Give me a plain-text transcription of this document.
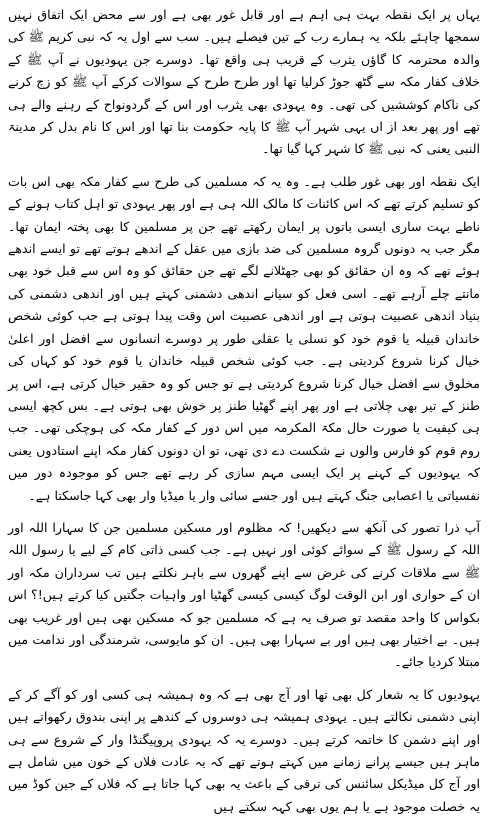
یہاں پر ایک نقطہ بہت ہی اہم ہے اور قابل غور بھی ہے اور سے محض ایک اتفاق نہیں سمجھا چاہئے بلکہ یہ ہمارے رب کے تین فیصلے ہیں۔ سب سے اول یہ کہ نبی کریم ﷺ کی والدہ محترمہ کا گاؤں یثرب کے قریب ہی واقع تھا۔ دوسرے جن یہودیوں نے آپ ﷺ کے خلاف کفار مکہ سے گٹھ جوڑ کرلیا تھا اور طرح طرح کے سوالات کرکے آپ ﷺ کو زچ کرنے کی ناکام کوششیں کی تھی۔ وہ یہودی بھی یثرب اور اس کے گردونواح کے رہنے والے ہی تھے اور پھر بعد از اں یہی شہر آپ ﷺ کا پایہ حکومت بنا تھا اور اس کا نام بدل کر مدینۃ النبی یعنی کہ نبی ﷺ کا شہر کہا گیا تھا۔

ایک نقطہ اور بھی غور طلب ہے۔ وہ یہ کہ مسلمین کی طرح سے کفار مکہ بھی اس بات کو تسلیم کرتے تھے کہ اس کائنات کا مالک اللہ ہی ہے اور پھر یہودی تو اہل کتاب ہونے کے ناطے بہت ساری ایسی باتوں پر ایمان رکھتے تھے جن پر مسلمین کا بھی پختہ ایمان تھا۔ مگر جب یہ دونوں گروہ مسلمین کی ضد بازی میں عقل کے اندھے ہوتے تھے تو ایسے اندھے ہوئے تھے کہ وہ ان حقائق کو بھی جھٹلانے لگے تھے جن حقائق کو وہ اس سے قبل خود بھی مانتے چلے آرہے تھے۔ اسی فعل کو سیانے اندھی دشمنی کہتے ہیں اور اندھی دشمنی کی بنیاد اندھی عصبیت ہوتی ہے اور اندھی عصبیت اس وقت پیدا ہوتی ہے جب کوئی شخص خاندان قبیلہ یا قوم خود کو نسلی یا عقلی طور پر دوسرے انسانوں سے افضل اور اعلیٰ خیال کرنا شروع کردیتی ہے۔ جب کوئی شخص قبیلہ خاندان یا قوم خود کو کہاں کی مخلوق سے افضل خیال کرنا شروع کردیتی ہے تو جس کو وہ حقیر خیال کرتی ہے، اس پر طنز کے تیر بھی چلاتی ہے اور پھر اپنے گھٹیا طنز پر خوش بھی ہوتی ہے۔ بس کچھ ایسی ہی کیفیت یا صورت حال مکۃ المکرمہ میں اس دور کے کفار مکہ کی ہوچکی تھی۔ جب روم قوم کو فارس والوں نے شکست دے دی تھی، تو ان دونوں کفار مکہ اپنے استادوں یعنی کہ یہودیوں کے کہنے پر ایک ایسی مہم سازی کر رہے تھے جس کو موجودہ دور میں نفسیاتی یا اعصابی جنگ کہتے ہیں اور جسے سائی وار یا میڈیا وار بھی کہا جاسکتا ہے۔

آپ ذرا تصور کی آنکھ سے دیکھیں! کہ مظلوم اور مسکین مسلمین جن کا سہارا اللہ اور اللہ کے رسول ﷺ کے سوائے کوئی اور نہیں ہے۔ جب کسی ذاتی کام کے لیے یا رسول اللہ ﷺ سے ملاقات کرنے کی غرض سے اپنے گھروں سے باہر نکلتے ہیں تب سرداران مکہ اور ان کے حواری اور ابن الوقت لوگ کیسی کیسی گھٹیا اور واہیات جگتیں کیا کرتے ہیں!؟ اس بکواس کا واحد مقصد تو صرف یہ ہے کہ مسلمین جو کہ مسکین بھی ہیں اور غریب بھی ہیں۔ بے اختیار بھی ہیں اور بے سہارا بھی ہیں۔ ان کو مایوسی، شرمندگی اور ندامت میں مبتلا کردیا جائے۔

یہودیوں کا یہ شعار کل بھی تھا اور آج بھی ہے کہ وہ ہمیشہ ہی کسی اور کو آگے کر کے اپنی دشمنی نکالتے ہیں۔ یہودی ہمیشہ ہی دوسروں کے کندھے پر اپنی بندوق رکھواتے ہیں اور اپنے دشمن کا خاتمہ کرتے ہیں۔ دوسرے یہ کہ یہودی پروپیگنڈا وار کے شروع سے ہی ماہر ہیں جیسے پرانے زمانے میں کہتے ہوتے تھے کہ یہ عادت فلاں کے خون میں شامل ہے اور آج کل میڈیکل سائنس کی ترقی کے باعث یہ بھی کہا جاتا ہے کہ فلاں کے جین کوڈ میں یہ خصلت موجود ہے یا ہم یوں بھی کہہ سکتے ہیں
